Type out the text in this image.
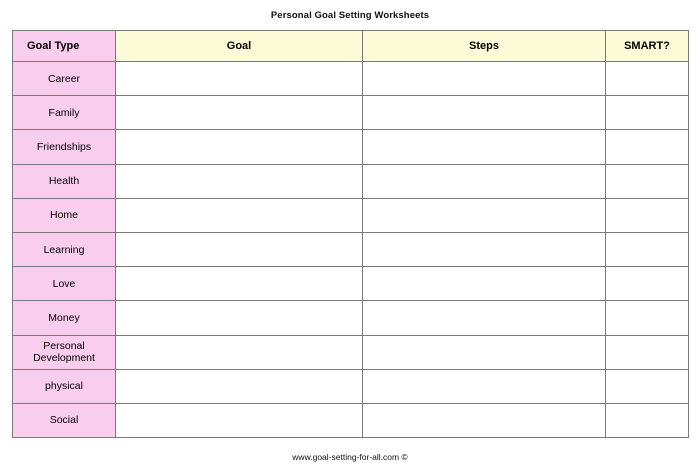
Personal Goal Setting Worksheets
Goal Type	Goal	Steps	SMART?
Career			
Family			
Friendships			
Health			
Home			
Learning			
Love			
Money			
Personal Development			
physical			
Social			
www.goal-setting-for-all.com ©
